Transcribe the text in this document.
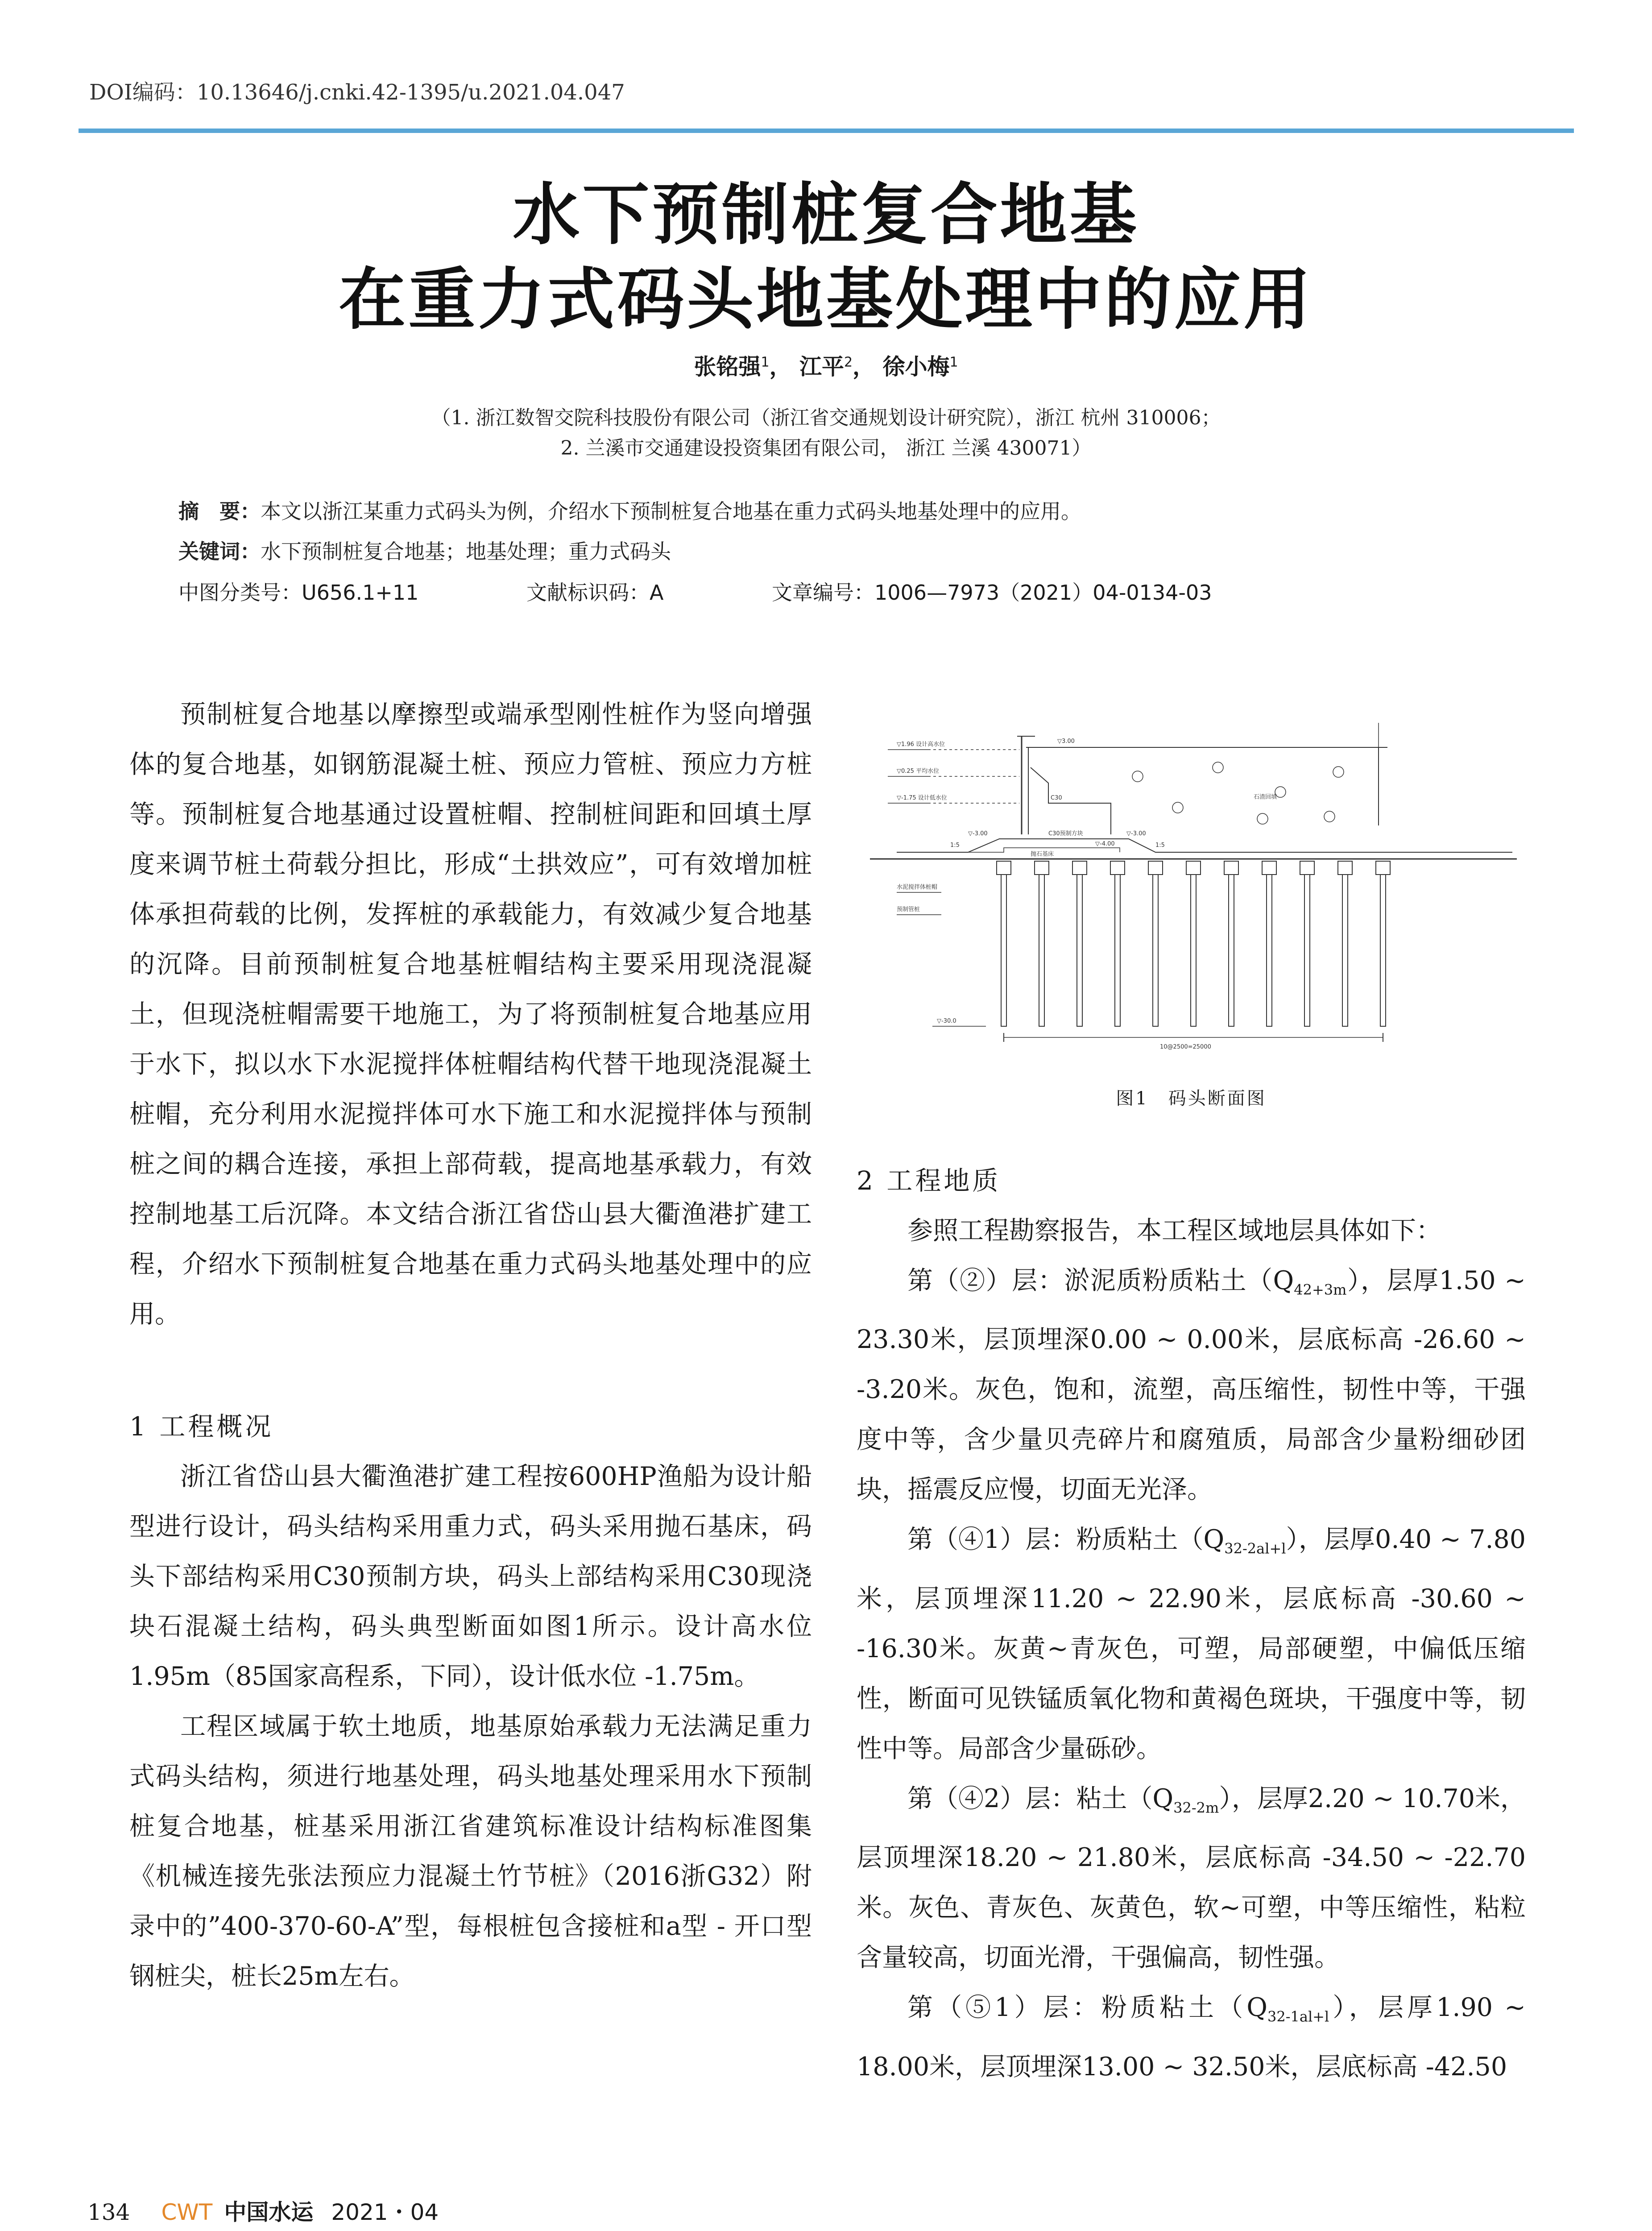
DOI编码：10.13646/j.cnki.42-1395/u.2021.04.047
水下预制桩复合地基
在重力式码头地基处理中的应用
张铭强$^1$， 江平$^2$， 徐小梅$^1$
（1. 浙江数智交院科技股份有限公司（浙江省交通规划设计研究院），浙江 杭州 310006；
2. 兰溪市交通建设投资集团有限公司， 浙江 兰溪 430071）
摘　要：本文以浙江某重力式码头为例，介绍水下预制桩复合地基在重力式码头地基处理中的应用。
关键词：水下预制桩复合地基；地基处理；重力式码头
中图分类号：U656.1+11	文献标识码：A	文章编号：1006—7973（2021）04-0134-03

预制桩复合地基以摩擦型或端承型刚性桩作为竖向增强体的复合地基，如钢筋混凝土桩、预应力管桩、预应力方桩等。预制桩复合地基通过设置桩帽、控制桩间距和回填土厚度来调节桩土荷载分担比，形成“土拱效应”，可有效增加桩体承担荷载的比例，发挥桩的承载能力，有效减少复合地基的沉降。目前预制桩复合地基桩帽结构主要采用现浇混凝土，但现浇桩帽需要干地施工，为了将预制桩复合地基应用于水下，拟以水下水泥搅拌体桩帽结构代替干地现浇混凝土桩帽，充分利用水泥搅拌体可水下施工和水泥搅拌体与预制桩之间的耦合连接，承担上部荷载，提高地基承载力，有效控制地基工后沉降。本文结合浙江省岱山县大衢渔港扩建工程，介绍水下预制桩复合地基在重力式码头地基处理中的应用。

1 工程概况

浙江省岱山县大衢渔港扩建工程按600HP渔船为设计船型进行设计，码头结构采用重力式，码头采用抛石基床，码头下部结构采用C30预制方块，码头上部结构采用C30现浇块石混凝土结构，码头典型断面如图1所示。设计高水位1.95m（85国家高程系，下同），设计低水位 -1.75m。

工程区域属于软土地质，地基原始承载力无法满足重力式码头结构，须进行地基处理，码头地基处理采用水下预制桩复合地基，桩基采用浙江省建筑标准设计结构标准图集《机械连接先张法预应力混凝土竹节桩》（2016浙G32）附录中的”400-370-60-A”型，每根桩包含接桩和a型 - 开口型钢桩尖，桩长25m左右。

▽3.00
▽1.96 设计高水位
▽0.25 平均水位
▽-1.75 设计低水位	C30
C30预制方块	▽-3.00
▽-4.00
▽-3.00
抛石基床
石渣回填
1:5	1:5
水泥搅拌体桩帽
预制管桩
▽-30.0
10@2500=25000
图1　码头断面图
2 工程地质

参照工程勘察报告，本工程区域地层具体如下：

第（②）层：淤泥质粉质粘土$(Q_{42+3m})$，层厚1.50 ~ 23.30米，层顶埋深0.00 ~ 0.00米，层底标高 -26.60 ~ -3.20米。灰色，饱和，流塑，高压缩性，韧性中等，干强度中等，含少量贝壳碎片和腐殖质，局部含少量粉细砂团块，摇震反应慢，切面无光泽。

第（④1）层：粉质粘土$(Q_{32-2al+l})$，层厚0.40 ~ 7.80米，层顶埋深11.20 ~ 22.90米，层底标高 -30.60 ~ -16.30米。灰黄~青灰色，可塑，局部硬塑，中偏低压缩性，断面可见铁锰质氧化物和黄褐色斑块，干强度中等，韧性中等。局部含少量砾砂。

第（④2）层：粘土$(Q_{32-2m})$，层厚2.20 ~ 10.70米，层顶埋深18.20 ~ 21.80米，层底标高 -34.50 ~ -22.70米。灰色、青灰色、灰黄色，软~可塑，中等压缩性，粘粒含量较高，切面光滑，干强偏高，韧性强。

第（⑤1）层：粉质粘土$(Q_{32-1al+l})$，层厚1.90 ~ 18.00米，层顶埋深13.00 ~ 32.50米，层底标高 -42.50

134 CWT 中国水运 2021・04
